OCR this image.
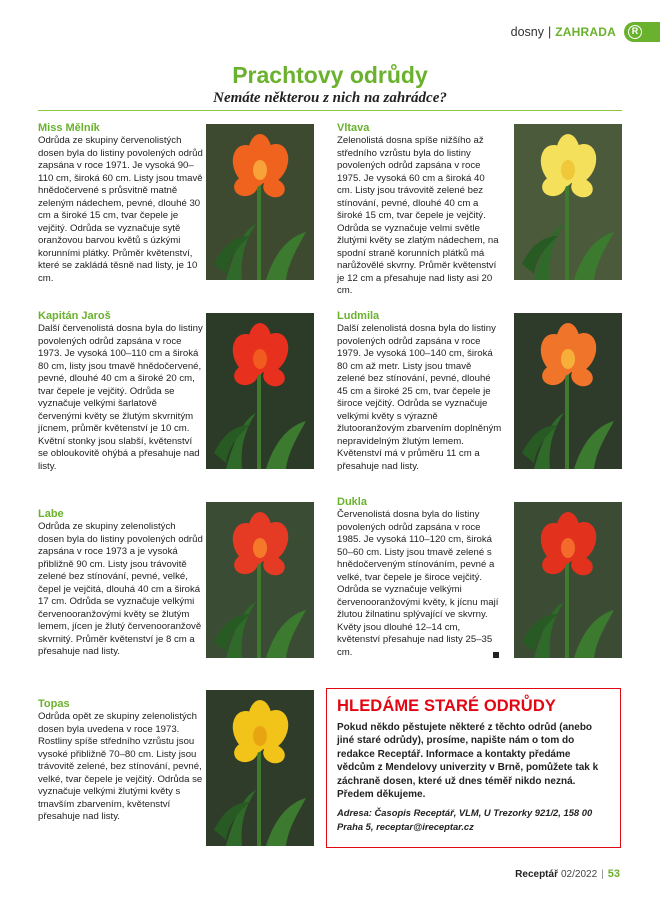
dosny | ZAHRADA	R
Prachtovy odrůdy
Nemáte některou z nich na zahrádce?
Miss Mělník
Odrůda ze skupiny červenolistých dosen byla do listiny povolených odrůd zapsána v roce 1971. Je vysoká 90–110 cm, široká 60 cm. Listy jsou tmavě hnědočervené s průsvitně matně zeleným nádechem, pevné, dlouhé 30 cm a široké 15 cm, tvar čepele je vejčitý. Odrůda se vyznačuje sytě oranžovou barvou květů s úzkými korunními plátky. Průměr květenství, které se zakládá těsně nad listy, je 10 cm.
Kapitán Jaroš
Další červenolistá dosna byla do listiny povolených odrůd zapsána v roce 1973. Je vysoká 100–110 cm a široká 80 cm, listy jsou tmavě hnědočervené, pevné, dlouhé 40 cm a široké 20 cm, tvar čepele je vejčitý. Odrůda se vyznačuje velkými šarlatově červenými květy se žlutým skvrnitým jícnem, průměr květenství je 10 cm. Květní stonky jsou slabší, květenství se obloukovitě ohýbá a přesahuje nad listy.
Labe
Odrůda ze skupiny zelenolistých dosen byla do listiny povolených odrůd zapsána v roce 1973 a je vysoká přibližně 90 cm. Listy jsou trávovitě zelené bez stínování, pevné, velké, čepel je vejčitá, dlouhá 40 cm a široká 17 cm. Odrůda se vyznačuje velkými červenooranžovými květy se žlutým lemem, jícen je žlutý červenooranžově skvrnitý. Průměr květenství je 8 cm a přesahuje nad listy.
Topas
Odrůda opět ze skupiny zelenolistých dosen byla uvedena v roce 1973. Rostliny spíše středního vzrůstu jsou vysoké přibližně 70–80 cm. Listy jsou trávovitě zelené, bez stínování, pevné, velké, tvar čepele je vejčitý. Odrůda se vyznačuje velkými žlutými květy s tmavším zbarvením, květenství přesahuje nad listy.
Vltava
Zelenolistá dosna spíše nižšího až středního vzrůstu byla do listiny povolených odrůd zapsána v roce 1975. Je vysoká 60 cm a široká 40 cm. Listy jsou trávovitě zelené bez stínování, pevné, dlouhé 40 cm a široké 15 cm, tvar čepele je vejčitý. Odrůda se vyznačuje velmi světle žlutými květy se zlatým nádechem, na spodní straně korunních plátků má narůžovělé skvrny. Průměr květenství je 12 cm a přesahuje nad listy asi 20 cm.
Ludmila
Další zelenolistá dosna byla do listiny povolených odrůd zapsána v roce 1979. Je vysoká 100–140 cm, široká 80 cm až metr. Listy jsou tmavě zelené bez stínování, pevné, dlouhé 45 cm a široké 25 cm, tvar čepele je široce vejčitý. Odrůda se vyznačuje velkými květy s výrazně žlutooranžovým zbarvením doplněným nepravidelným žlutým lemem. Květenství má v průměru 11 cm a přesahuje nad listy.
Dukla
Červenolistá dosna byla do listiny povolených odrůd zapsána v roce 1985. Je vysoká 110–120 cm, široká 50–60 cm. Listy jsou tmavě zelené s hnědočerveným stínováním, pevné a velké, tvar čepele je široce vejčitý. Odrůda se vyznačuje velkými červenooranžovými květy, k jícnu mají žlutou žilnatinu splývající ve skvrny. Květy jsou dlouhé 12–14 cm, květenství přesahuje nad listy 25–35 cm.
HLEDÁME STARÉ ODRŮDY
Pokud někdo pěstujete některé z těchto odrůd (anebo jiné staré odrůdy), prosíme, napište nám o tom do redakce Receptář. Informace a kontakty předáme vědcům z Mendelovy univerzity v Brně, pomůžete tak k záchraně dosen, které už dnes téměř nikdo nezná. Předem děkujeme.
Adresa: Časopis Receptář, VLM, U Trezorky 921/2, 158 00 Praha 5, receptar@ireceptar.cz
Receptář 02/2022 | 53
